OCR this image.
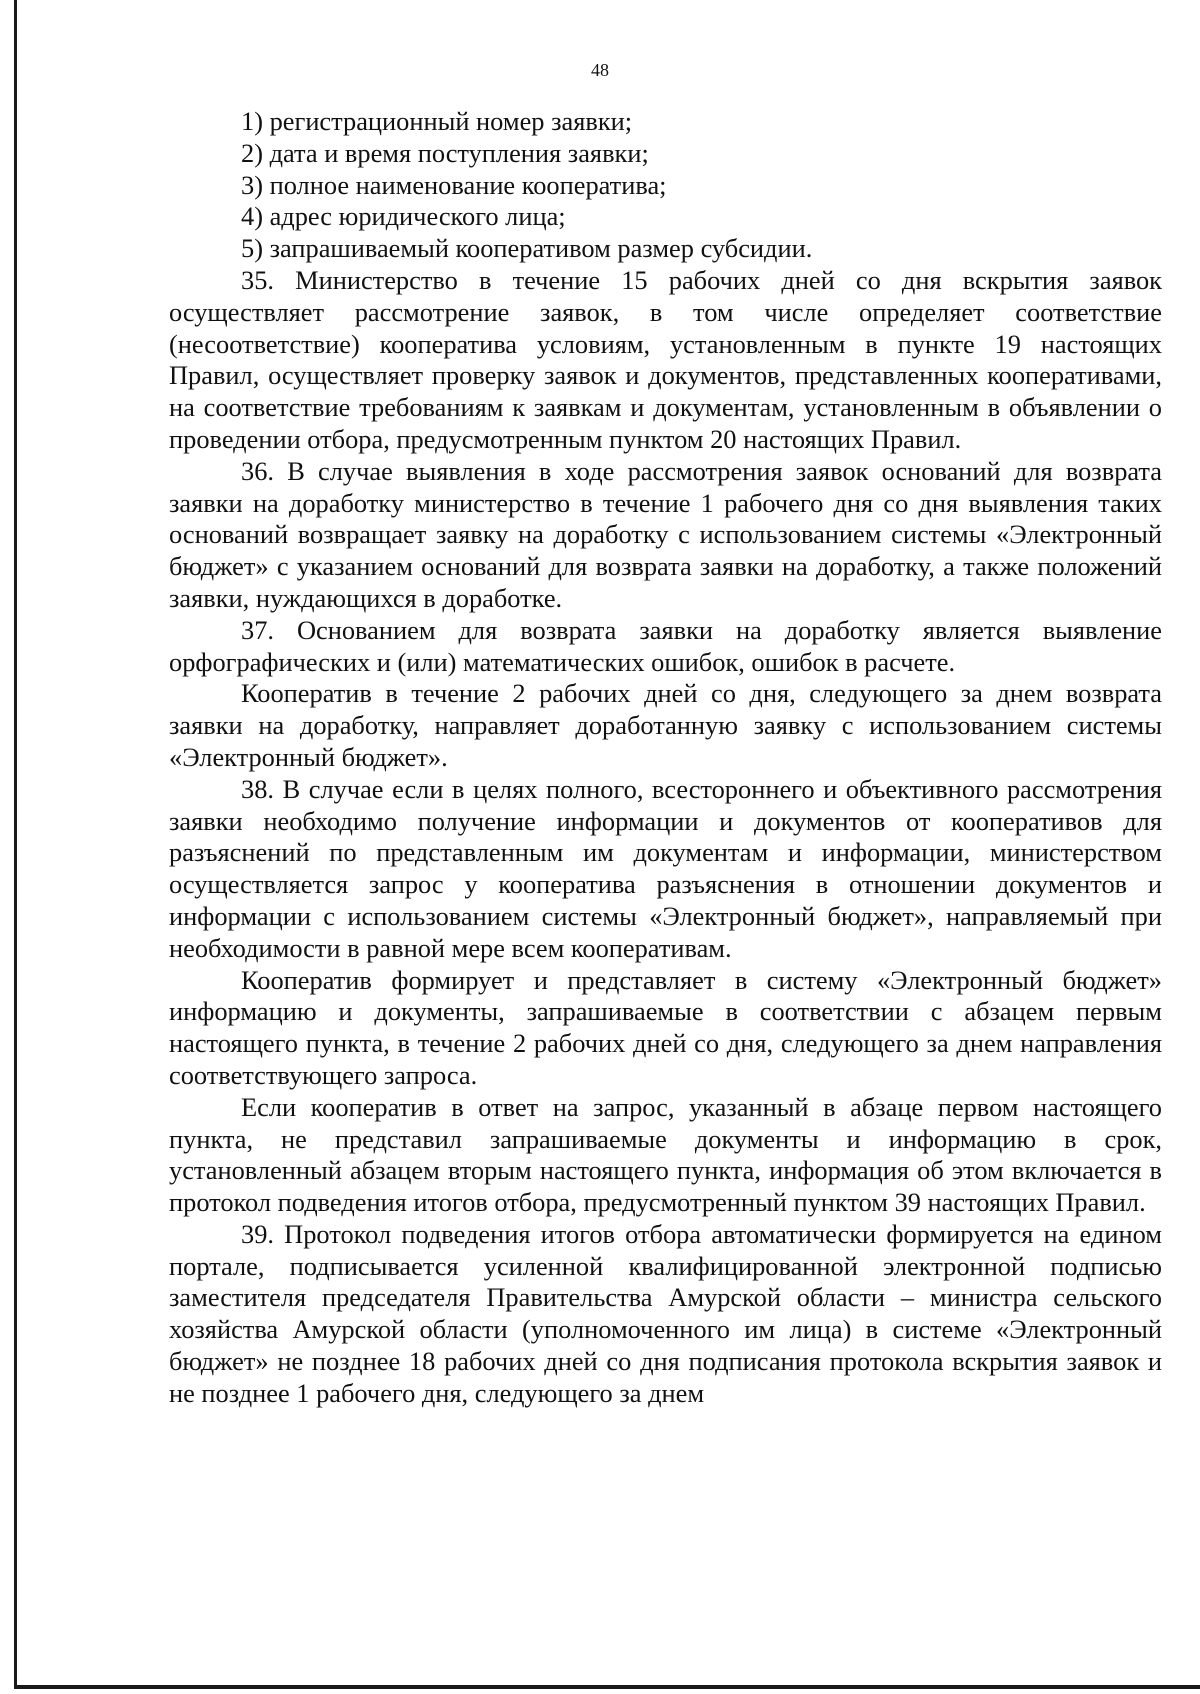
48
1) регистрационный номер заявки;
2) дата и время поступления заявки;
3) полное наименование кооператива;
4) адрес юридического лица;
5) запрашиваемый кооперативом размер субсидии.

35. Министерство в течение 15 рабочих дней со дня вскрытия заявок осуществляет рассмотрение заявок, в том числе определяет соответствие (несоответствие) кооператива условиям, установленным в пункте 19 настоящих Правил, осуществляет проверку заявок и документов, представленных кооперативами, на соответствие требованиям к заявкам и документам, установленным в объявлении о проведении отбора, предусмотренным пунктом 20 настоящих Правил.

36. В случае выявления в ходе рассмотрения заявок оснований для возврата заявки на доработку министерство в течение 1 рабочего дня со дня выявления таких оснований возвращает заявку на доработку с использованием системы «Электронный бюджет» с указанием оснований для возврата заявки на доработку, а также положений заявки, нуждающихся в доработке.

37. Основанием для возврата заявки на доработку является выявление орфографических и (или) математических ошибок, ошибок в расчете.

Кооператив в течение 2 рабочих дней со дня, следующего за днем возврата заявки на доработку, направляет доработанную заявку с использованием системы «Электронный бюджет».

38. В случае если в целях полного, всестороннего и объективного рассмотрения заявки необходимо получение информации и документов от кооперативов для разъяснений по представленным им документам и информации, министерством осуществляется запрос у кооператива разъяснения в отношении документов и информации с использованием системы «Электронный бюджет», направляемый при необходимости в равной мере всем кооперативам.

Кооператив формирует и представляет в систему «Электронный бюджет» информацию и документы, запрашиваемые в соответствии с абзацем первым настоящего пункта, в течение 2 рабочих дней со дня, следующего за днем направления соответствующего запроса.

Если кооператив в ответ на запрос, указанный в абзаце первом настоящего пункта, не представил запрашиваемые документы и информацию в срок, установленный абзацем вторым настоящего пункта, информация об этом включается в протокол подведения итогов отбора, предусмотренный пунктом 39 настоящих Правил.

39. Протокол подведения итогов отбора автоматически формируется на едином портале, подписывается усиленной квалифицированной электронной подписью заместителя председателя Правительства Амурской области – министра сельского хозяйства Амурской области (уполномоченного им лица) в системе «Электронный бюджет» не позднее 18 рабочих дней со дня подписания протокола вскрытия заявок и не позднее 1 рабочего дня, следующего за днем
